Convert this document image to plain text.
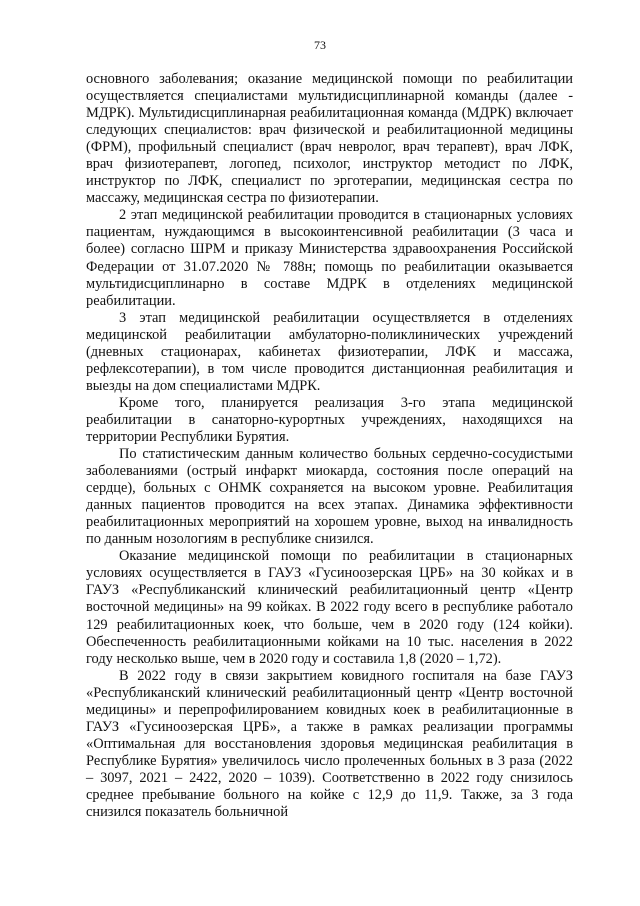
73

основного заболевания; оказание медицинской помощи по реабилитации осуществляется специалистами мультидисциплинарной команды (далее - МДРК). Мультидисциплинарная реабилитационная команда (МДРК) включает следующих специалистов: врач физической и реабилитационной медицины (ФРМ), профильный специалист (врач невролог, врач терапевт), врач ЛФК, врач физиотерапевт, логопед, психолог, инструктор методист по ЛФК, инструктор по ЛФК, специалист по эрготерапии, медицинская сестра по массажу, медицинская сестра по физиотерапии.

2 этап медицинской реабилитации проводится в стационарных условиях пациентам, нуждающимся в высокоинтенсивной реабилитации (3 часа и более) согласно ШРМ и приказу Министерства здравоохранения Российской Федерации от 31.07.2020 № 788н; помощь по реабилитации оказывается мультидисциплинарно в составе МДРК в отделениях медицинской реабилитации.

3 этап медицинской реабилитации осуществляется в отделениях медицинской реабилитации амбулаторно-поликлинических учреждений (дневных стационарах, кабинетах физиотерапии, ЛФК и массажа, рефлексотерапии), в том числе проводится дистанционная реабилитация и выезды на дом специалистами МДРК.

Кроме того, планируется реализация 3-го этапа медицинской реабилитации в санаторно-курортных учреждениях, находящихся на территории Республики Бурятия.

По статистическим данным количество больных сердечно-сосудистыми заболеваниями (острый инфаркт миокарда, состояния после операций на сердце), больных с ОНМК сохраняется на высоком уровне. Реабилитация данных пациентов проводится на всех этапах. Динамика эффективности реабилитационных мероприятий на хорошем уровне, выход на инвалидность по данным нозологиям в республике снизился.

Оказание медицинской помощи по реабилитации в стационарных условиях осуществляется в ГАУЗ «Гусиноозерская ЦРБ» на 30 койках и в ГАУЗ «Республиканский клинический реабилитационный центр «Центр восточной медицины» на 99 койках. В 2022 году всего в республике работало 129 реабилитационных коек, что больше, чем в 2020 году (124 койки). Обеспеченность реабилитационными койками на 10 тыс. населения в 2022 году несколько выше, чем в 2020 году и составила 1,8 (2020 – 1,72).

В 2022 году в связи закрытием ковидного госпиталя на базе ГАУЗ «Республиканский клинический реабилитационный центр «Центр восточной медицины» и перепрофилированием ковидных коек в реабилитационные в ГАУЗ «Гусиноозерская ЦРБ», а также в рамках реализации программы «Оптимальная для восстановления здоровья медицинская реабилитация в Республике Бурятия» увеличилось число пролеченных больных в 3 раза (2022 – 3097, 2021 – 2422, 2020 – 1039). Соответственно в 2022 году снизилось среднее пребывание больного на койке с 12,9 до 11,9. Также, за 3 года снизился показатель больничной
